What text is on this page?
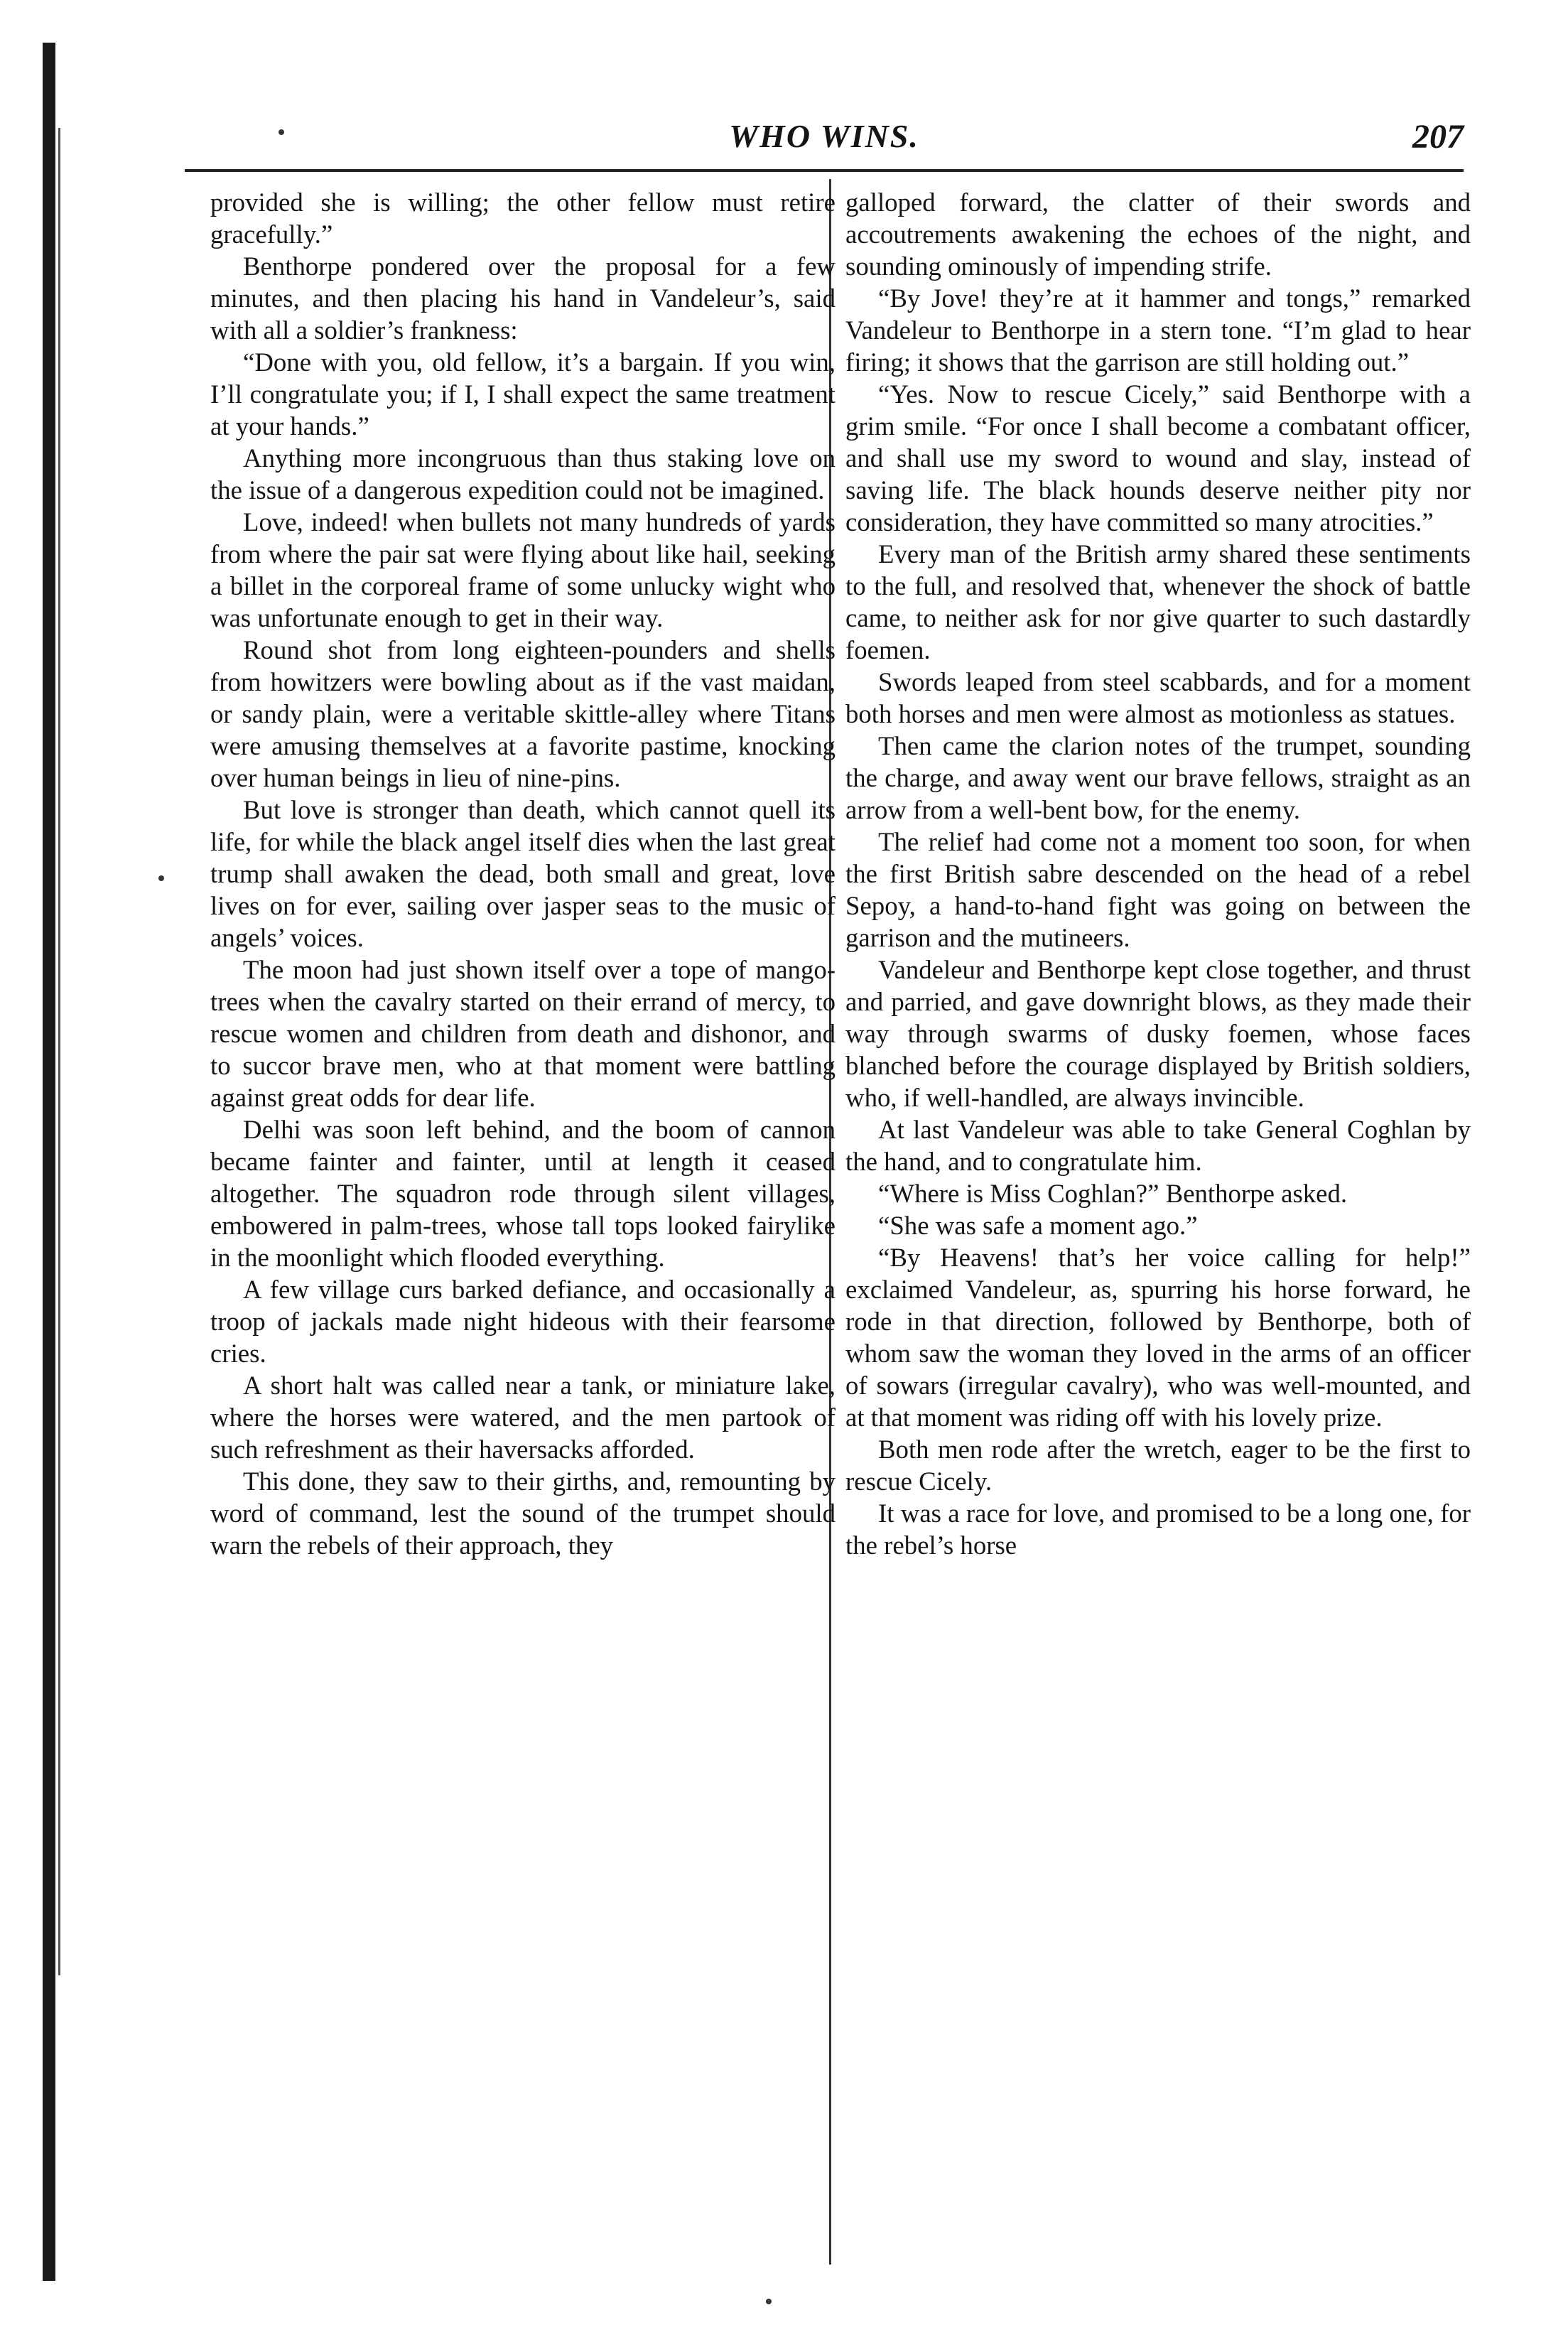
WHO WINS.	207

provided she is willing; the other fellow must retire gracefully.”

Benthorpe pondered over the proposal for a few minutes, and then placing his hand in Vandeleur’s, said with all a soldier’s frankness:

“Done with you, old fellow, it’s a bargain. If you win, I’ll congratulate you; if I, I shall expect the same treatment at your hands.”

Anything more incongruous than thus staking love on the issue of a dangerous expedition could not be imagined.

Love, indeed! when bullets not many hundreds of yards from where the pair sat were flying about like hail, seeking a billet in the corporeal frame of some unlucky wight who was unfortunate enough to get in their way.

Round shot from long eighteen-pounders and shells from howitzers were bowling about as if the vast maidan, or sandy plain, were a veritable skittle-alley where Titans were amusing themselves at a favorite pastime, knocking over human beings in lieu of nine-pins.

But love is stronger than death, which cannot quell its life, for while the black angel itself dies when the last great trump shall awaken the dead, both small and great, love lives on for ever, sailing over jasper seas to the music of angels’ voices.

The moon had just shown itself over a tope of mango-trees when the cavalry started on their errand of mercy, to rescue women and children from death and dishonor, and to succor brave men, who at that moment were battling against great odds for dear life.

Delhi was soon left behind, and the boom of cannon became fainter and fainter, until at length it ceased altogether. The squadron rode through silent villages, embowered in palm-trees, whose tall tops looked fairylike in the moonlight which flooded everything.

A few village curs barked defiance, and occasionally a troop of jackals made night hideous with their fearsome cries.

A short halt was called near a tank, or miniature lake, where the horses were watered, and the men partook of such refreshment as their haversacks afforded.

This done, they saw to their girths, and, remounting by word of command, lest the sound of the trumpet should warn the rebels of their approach, they

galloped forward, the clatter of their swords and accoutrements awakening the echoes of the night, and sounding ominously of impending strife.

“By Jove! they’re at it hammer and tongs,” remarked Vandeleur to Benthorpe in a stern tone. “I’m glad to hear firing; it shows that the garrison are still holding out.”

“Yes. Now to rescue Cicely,” said Benthorpe with a grim smile. “For once I shall become a combatant officer, and shall use my sword to wound and slay, instead of saving life. The black hounds deserve neither pity nor consideration, they have committed so many atrocities.”

Every man of the British army shared these sentiments to the full, and resolved that, whenever the shock of battle came, to neither ask for nor give quarter to such dastardly foemen.

Swords leaped from steel scabbards, and for a moment both horses and men were almost as motionless as statues.

Then came the clarion notes of the trumpet, sounding the charge, and away went our brave fellows, straight as an arrow from a well-bent bow, for the enemy.

The relief had come not a moment too soon, for when the first British sabre descended on the head of a rebel Sepoy, a hand-to-hand fight was going on between the garrison and the mutineers.

Vandeleur and Benthorpe kept close together, and thrust and parried, and gave downright blows, as they made their way through swarms of dusky foemen, whose faces blanched before the courage displayed by British soldiers, who, if well-handled, are always invincible.

At last Vandeleur was able to take General Coghlan by the hand, and to congratulate him.

“Where is Miss Coghlan?” Benthorpe asked.

“She was safe a moment ago.”

“By Heavens! that’s her voice calling for help!” exclaimed Vandeleur, as, spurring his horse forward, he rode in that direction, followed by Benthorpe, both of whom saw the woman they loved in the arms of an officer of sowars (irregular cavalry), who was well-mounted, and at that moment was riding off with his lovely prize.

Both men rode after the wretch, eager to be the first to rescue Cicely.

It was a race for love, and promised to be a long one, for the rebel’s horse
